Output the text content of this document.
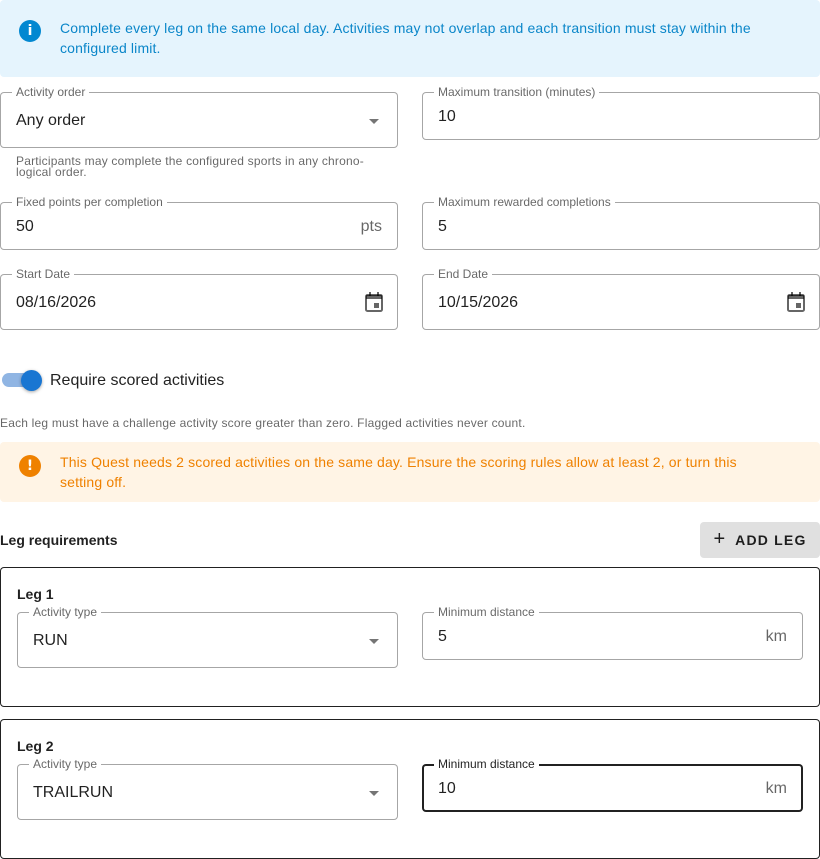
i	Complete every leg on the same local day. Activities may not overlap and each transition must stay within the configured limit.
Activity order
Any order
Participants may complete the configured sports in any chrono-
logical order.
Maximum transition (minutes)
10
Fixed points per completion
50	pts
Maximum rewarded completions
5
Start Date
08/16/2026
End Date
10/15/2026
Require scored activities
Each leg must have a challenge activity score greater than zero. Flagged activities never count.
!	This Quest needs 2 scored activities on the same day. Ensure the scoring rules allow at least 2, or turn this setting off.
Leg requirements	+ ADD LEG
Leg 1
Activity type
RUN
Minimum distance
5	km
Leg 2
Activity type
TRAILRUN
Minimum distance
10	km
